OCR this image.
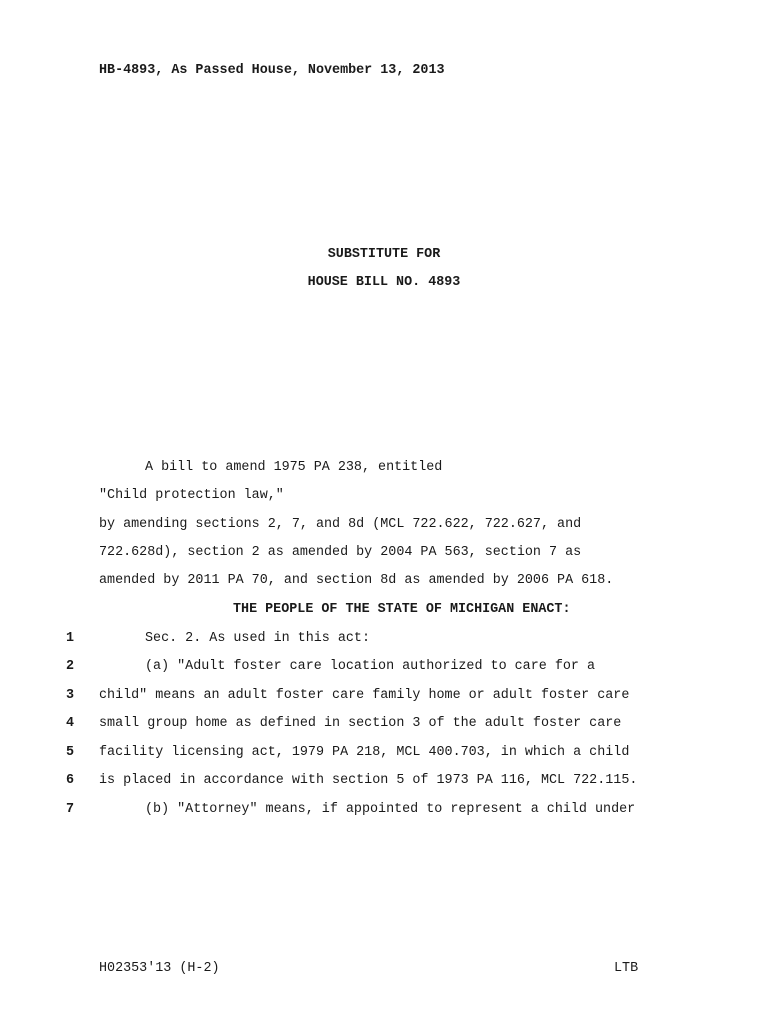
HB-4893, As Passed House, November 13, 2013
SUBSTITUTE FOR
HOUSE BILL NO. 4893
A bill to amend 1975 PA 238, entitled
"Child protection law,"
by amending sections 2, 7, and 8d (MCL 722.622, 722.627, and
722.628d), section 2 as amended by 2004 PA 563, section 7 as
amended by 2011 PA 70, and section 8d as amended by 2006 PA 618.
THE PEOPLE OF THE STATE OF MICHIGAN ENACT:
1	Sec. 2. As used in this act:
2	(a) "Adult foster care location authorized to care for a
3 child" means an adult foster care family home or adult foster care
4 small group home as defined in section 3 of the adult foster care
5 facility licensing act, 1979 PA 218, MCL 400.703, in which a child
6 is placed in accordance with section 5 of 1973 PA 116, MCL 722.115.
7	(b) "Attorney" means, if appointed to represent a child under
H02353'13 (H-2)	LTB
